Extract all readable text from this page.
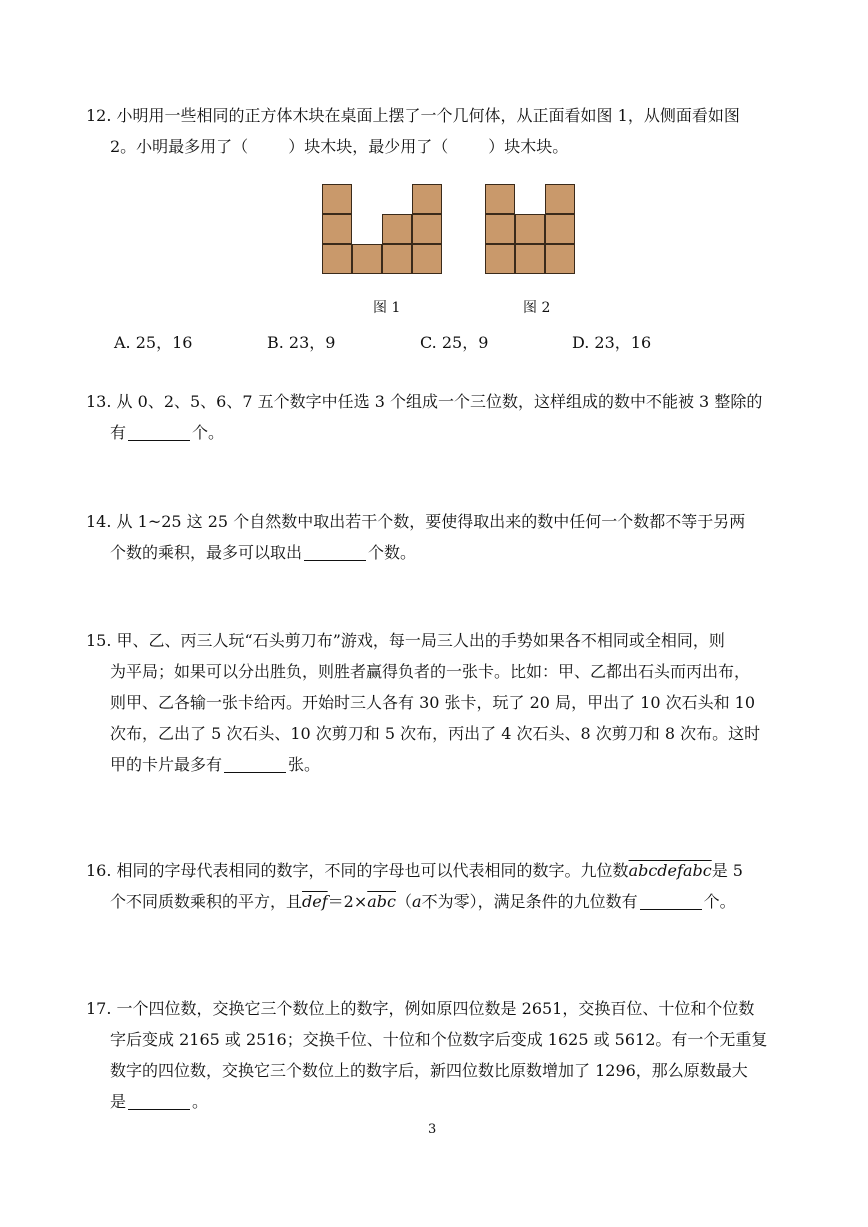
12. 小明用一些相同的正方体木块在桌面上摆了一个几何体，从正面看如图 1，从侧面看如图
2。小明最多用了（	）块木块，最少用了（	）块木块。
图 1	图 2
A. 25，16	B. 23，9	C. 25，9	D. 23，16
13. 从 0、2、5、6、7 五个数字中任选 3 个组成一个三位数，这样组成的数中不能被 3 整除的
有	个。
14. 从 1~25 这 25 个自然数中取出若干个数，要使得取出来的数中任何一个数都不等于另两
个数的乘积，最多可以取出	个数。
15. 甲、乙、丙三人玩“石头剪刀布”游戏，每一局三人出的手势如果各不相同或全相同，则
为平局；如果可以分出胜负，则胜者赢得负者的一张卡。比如：甲、乙都出石头而丙出布，
则甲、乙各输一张卡给丙。开始时三人各有 30 张卡，玩了 20 局，甲出了 10 次石头和 10
次布，乙出了 5 次石头、10 次剪刀和 5 次布，丙出了 4 次石头、8 次剪刀和 8 次布。这时
甲的卡片最多有	张。
16. 相同的字母代表相同的数字，不同的字母也可以代表相同的数字。九位数abcdefabc是 5
个不同质数乘积的平方，且$\overline{def}=2\times\overline{abc}(a$不为零），满足条件的九位数有	个。
17. 一个四位数，交换它三个数位上的数字，例如原四位数是 2651，交换百位、十位和个位数
字后变成 2165 或 2516；交换千位、十位和个位数字后变成 1625 或 5612。有一个无重复
数字的四位数，交换它三个数位上的数字后，新四位数比原数增加了 1296，那么原数最大
是	。
3
